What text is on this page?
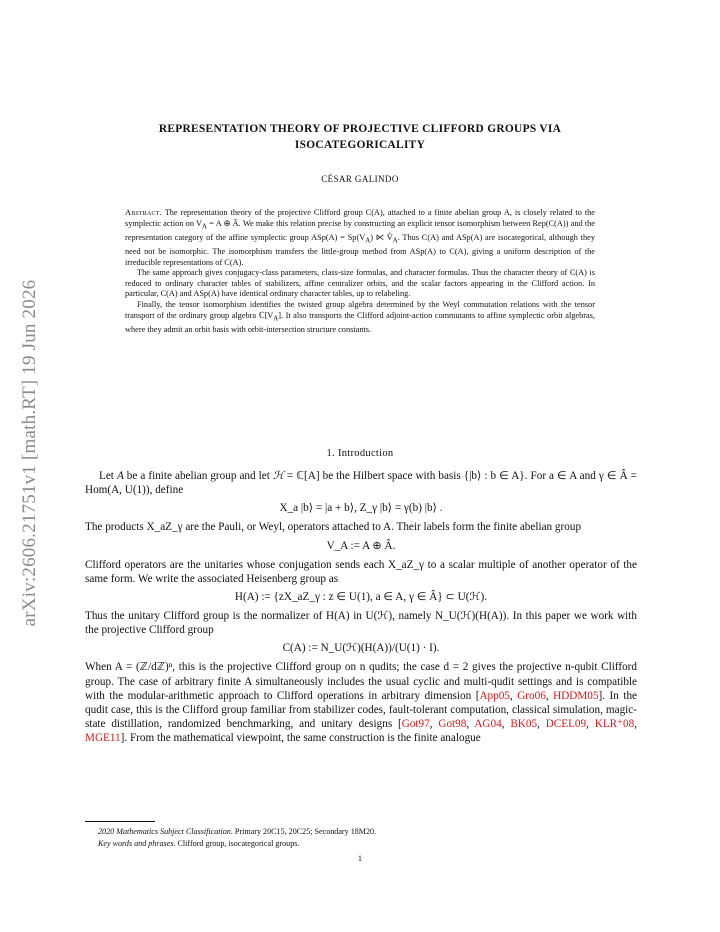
arXiv:2606.21751v1 [math.RT] 19 Jun 2026
REPRESENTATION THEORY OF PROJECTIVE CLIFFORD GROUPS VIA
ISOCATEGORICALITY
CÉSAR GALINDO

Abstract. The representation theory of the projective Clifford group C(A), attached to a finite abelian group A, is closely related to the symplectic action on $V_A = A$ ⊕ Â. We make this relation precise by constructing an explicit tensor isomorphism between Rep(C(A)) and the representation category of the affine symplectic group $ASp(A) = Sp(V_A)$ ⋉ $V̂_A$. Thus C(A) and ASp(A) are isocategorical, although they need not be isomorphic. The isomorphism transfers the little-group method from ASp(A) to C(A), giving a uniform description of the irreducible representations of C(A).

The same approach gives conjugacy-class parameters, class-size formulas, and character formulas. Thus the character theory of C(A) is reduced to ordinary character tables of stabilizers, affine centralizer orbits, and the scalar factors appearing in the Clifford action. In particular, C(A) and ASp(A) have identical ordinary character tables, up to relabeling.

Finally, the tensor isomorphism identifies the twisted group algebra determined by the Weyl commutation relations with the tensor transport of the ordinary group algebra $ℂ[V_A]$. It also transports the Clifford adjoint-action commutants to affine symplectic orbit algebras, where they admit an orbit basis with orbit-intersection structure constants.

1. Introduction

Let A be a finite abelian group and let ℋ = ℂ[A] be the Hilbert space with basis {|b⟩ : b ∈ A}. For a ∈ A and γ ∈ Â = Hom(A, U(1)), define

X_a |b⟩ = |a + b⟩, Z_γ |b⟩ = γ(b) |b⟩ .

The products X_aZ_γ are the Pauli, or Weyl, operators attached to A. Their labels form the finite abelian group

V_A := A ⊕ Â.

Clifford operators are the unitaries whose conjugation sends each X_aZ_γ to a scalar multiple of another operator of the same form. We write the associated Heisenberg group as

H(A) := {zX_aZ_γ : z ∈ U(1), a ∈ A, γ ∈ Â} ⊂ U(ℋ).

Thus the unitary Clifford group is the normalizer of H(A) in U(ℋ), namely N_U(ℋ)(H(A)). In this paper we work with the projective Clifford group

C(A) := N_U(ℋ)(H(A))/(U(1) · I).

When A = (ℤ/dℤ)ⁿ, this is the projective Clifford group on n qudits; the case d = 2 gives the projective n-qubit Clifford group. The case of arbitrary finite A simultaneously includes the usual cyclic and multi-qudit settings and is compatible with the modular-arithmetic approach to Clifford operations in arbitrary dimension [App05, Gro06, HDDM05]. In the qudit case, this is the Clifford group familiar from stabilizer codes, fault-tolerant computation, classical simulation, magic-state distillation, randomized benchmarking, and unitary designs [Got97, Got98, AG04, BK05, DCEL09, KLR⁺08, MGE11]. From the mathematical viewpoint, the same construction is the finite analogue

2020 Mathematics Subject Classification. Primary 20C15, 20C25; Secondary 18M20.
Key words and phrases. Clifford group, isocategorical groups.
1
